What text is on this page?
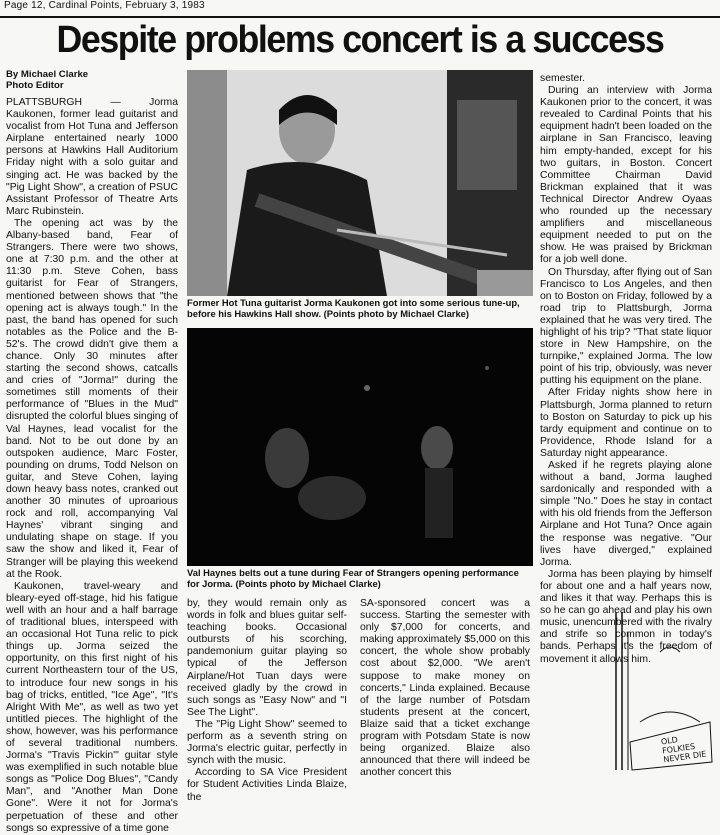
Page 12, Cardinal Points, February 3, 1983
Despite problems concert is a success
By Michael Clarke
Photo Editor

PLATTSBURGH — Jorma Kaukonen, former lead guitarist and vocalist from Hot Tuna and Jefferson Airplane entertained nearly 1000 persons at Hawkins Hall Auditorium Friday night with a solo guitar and singing act. He was backed by the "Pig Light Show", a creation of PSUC Assistant Professor of Theatre Arts Marc Rubinstein.

The opening act was by the Albany-based band, Fear of Strangers. There were two shows, one at 7:30 p.m. and the other at 11:30 p.m. Steve Cohen, bass guitarist for Fear of Strangers, mentioned between shows that "the opening act is always tough." In the past, the band has opened for such notables as the Police and the B-52's. The crowd didn't give them a chance. Only 30 minutes after starting the second shows, catcalls and cries of "Jorma!" during the sometimes still moments of their performance of "Blues in the Mud" disrupted the colorful blues singing of Val Haynes, lead vocalist for the band. Not to be out done by an outspoken audience, Marc Foster, pounding on drums, Todd Nelson on guitar, and Steve Cohen, laying down heavy bass notes, cranked out another 30 minutes of uproarious rock and roll, accompanying Val Haynes' vibrant singing and undulating shape on stage. If you saw the show and liked it, Fear of Stranger will be playing this weekend at the Rook.

Kaukonen, travel-weary and bleary-eyed off-stage, hid his fatigue well with an hour and a half barrage of traditional blues, interspeed with an occasional Hot Tuna relic to pick things up. Jorma seized the opportunity, on this first night of his current Northeastern tour of the US, to introduce four new songs in his bag of tricks, entitled, "Ice Age", "It's Alright With Me", as well as two yet untitled pieces. The highlight of the show, however, was his performance of several traditional numbers. Jorma's "Travis Pickin'" guitar style was exemplified in such notable blue songs as "Police Dog Blues", "Candy Man", and "Another Man Done Gone". Were it not for Jorma's perpetuation of these and other songs so expressive of a time gone

Former Hot Tuna guitarist Jorma Kaukonen got into some serious tune-up, before his Hawkins Hall show. (Points photo by Michael Clarke)
Val Haynes belts out a tune during Fear of Strangers opening performance for Jorma. (Points photo by Michael Clarke)

by, they would remain only as words in folk and blues guitar self-teaching books. Occasional outbursts of his scorching, pandemonium guitar playing so typical of the Jefferson Airplane/Hot Tuan days were received gladly by the crowd in such songs as "Easy Now" and "I See The Light".

The "Pig Light Show" seemed to perform as a seventh string on Jorma's electric guitar, perfectly in synch with the music.

According to SA Vice President for Student Activities Linda Blaize, the

SA-sponsored concert was a success. Starting the semester with only $7,000 for concerts, and making approximately $5,000 on this concert, the whole show probably cost about $2,000. "We aren't suppose to make money on concerts," Linda explained. Because of the large number of Potsdam students present at the concert, Blaize said that a ticket exchange program with Potsdam State is now being organized. Blaize also announced that there will indeed be another concert this

semester.

During an interview with Jorma Kaukonen prior to the concert, it was revealed to Cardinal Points that his equipment hadn't been loaded on the airplane in San Francisco, leaving him empty-handed, except for his two guitars, in Boston. Concert Committee Chairman David Brickman explained that it was Technical Director Andrew Oyaas who rounded up the necessary amplifiers and miscellaneous equipment needed to put on the show. He was praised by Brickman for a job well done.

On Thursday, after flying out of San Francisco to Los Angeles, and then on to Boston on Friday, followed by a road trip to Plattsburgh, Jorma explained that he was very tired. The highlight of his trip? "That state liquor store in New Hampshire, on the turnpike," explained Jorma. The low point of his trip, obviously, was never putting his equipment on the plane.

After Friday nights show here in Plattsburgh, Jorma planned to return to Boston on Saturday to pick up his tardy equipment and continue on to Providence, Rhode Island for a Saturday night appearance.

Asked if he regrets playing alone without a band, Jorma laughed sardonically and responded with a simple "No." Does he stay in contact with his old friends from the Jefferson Airplane and Hot Tuna? Once again the response was negative. "Our lives have diverged," explained Jorma.

Jorma has been playing by himself for about one and a half years now, and likes it that way. Perhaps this is so he can go ahead and play his own music, unencumbered with the rivalry and strife so common in today's bands. Perhaps it's the freedom of movement it allows him.

OLD FOLKIES NEVER DIE
